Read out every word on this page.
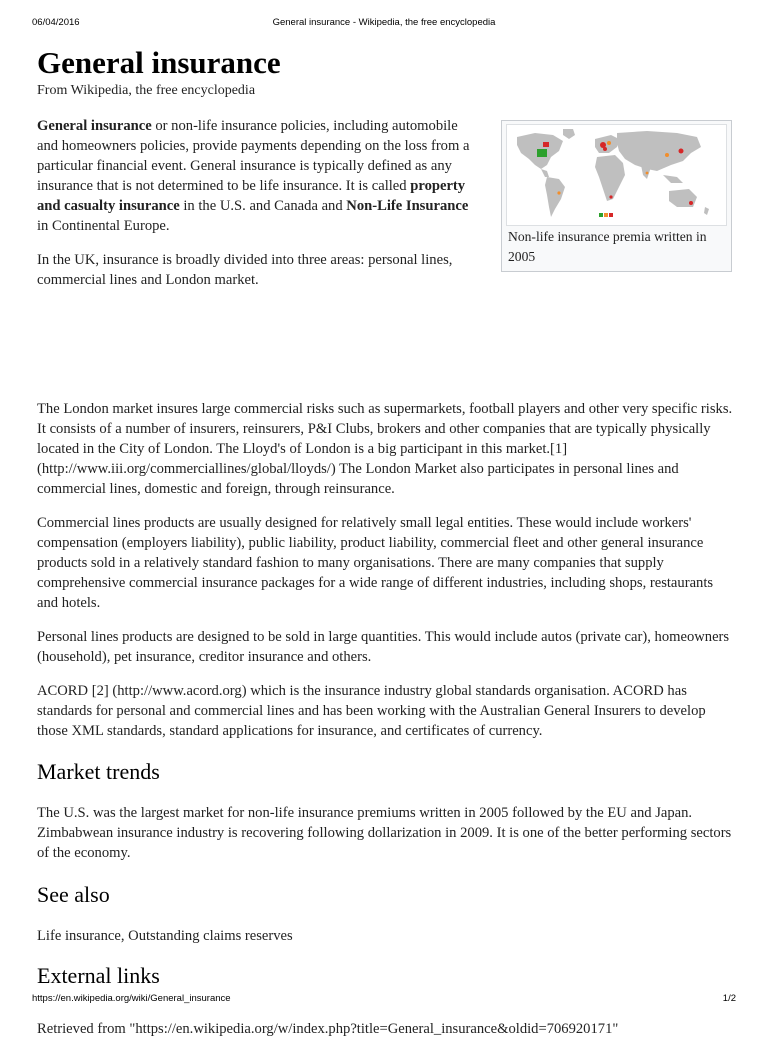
06/04/2016	General insurance - Wikipedia, the free encyclopedia
General insurance
From Wikipedia, the free encyclopedia

General insurance or non-life insurance policies, including automobile and homeowners policies, provide payments depending on the loss from a particular financial event. General insurance is typically defined as any insurance that is not determined to be life insurance. It is called property and casualty insurance in the U.S. and Canada and Non-Life Insurance in Continental Europe.

In the UK, insurance is broadly divided into three areas: personal lines, commercial lines and London market.

Non-life insurance premia written in 2005

The London market insures large commercial risks such as supermarkets, football players and other very specific risks. It consists of a number of insurers, reinsurers, P&I Clubs, brokers and other companies that are typically physically located in the City of London. The Lloyd's of London is a big participant in this market.[1] (http://www.iii.org/commerciallines/global/lloyds/) The London Market also participates in personal lines and commercial lines, domestic and foreign, through reinsurance.

Commercial lines products are usually designed for relatively small legal entities. These would include workers' compensation (employers liability), public liability, product liability, commercial fleet and other general insurance products sold in a relatively standard fashion to many organisations. There are many companies that supply comprehensive commercial insurance packages for a wide range of different industries, including shops, restaurants and hotels.

Personal lines products are designed to be sold in large quantities. This would include autos (private car), homeowners (household), pet insurance, creditor insurance and others.

ACORD [2] (http://www.acord.org) which is the insurance industry global standards organisation. ACORD has standards for personal and commercial lines and has been working with the Australian General Insurers to develop those XML standards, standard applications for insurance, and certificates of currency.

Market trends

The U.S. was the largest market for non-life insurance premiums written in 2005 followed by the EU and Japan. Zimbabwean insurance industry is recovering following dollarization in 2009. It is one of the better performing sectors of the economy.

See also

Life insurance, Outstanding claims reserves

External links

Retrieved from "https://en.wikipedia.org/w/index.php?title=General_insurance&oldid=706920171"

https://en.wikipedia.org/wiki/General_insurance	1/2
